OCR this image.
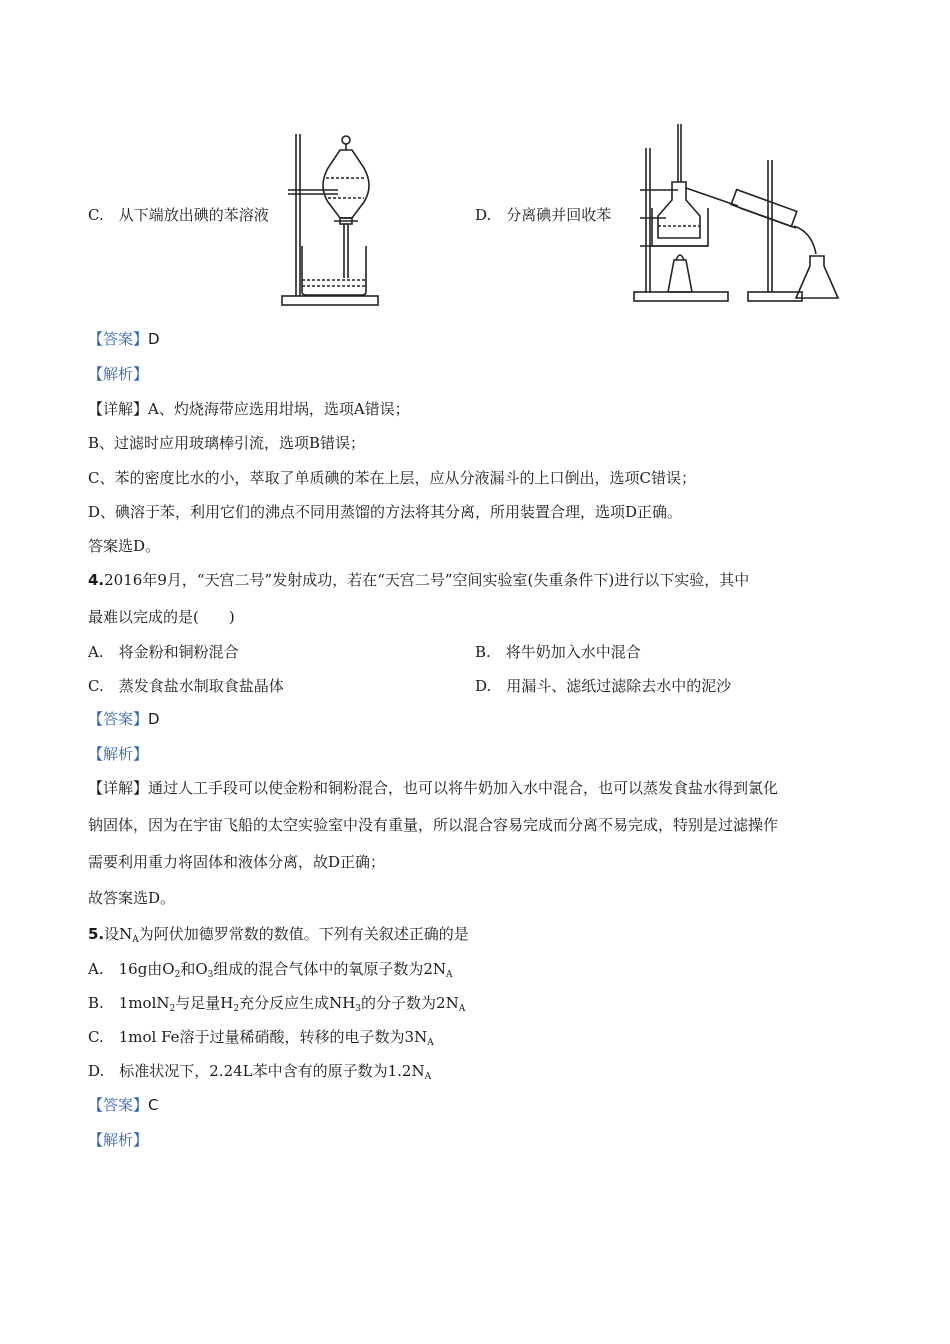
C.　从下端放出碘的苯溶液	D.　分离碘并回收苯
【答案】D
【解析】
【详解】A、灼烧海带应选用坩埚，选项A错误；
B、过滤时应用玻璃棒引流，选项B错误；
C、苯的密度比水的小，萃取了单质碘的苯在上层，应从分液漏斗的上口倒出，选项C错误；
D、碘溶于苯，利用它们的沸点不同用蒸馏的方法将其分离，所用装置合理，选项D正确。
答案选D。
4.2016年9月，“天宫二号”发射成功，若在“天宫二号”空间实验室(失重条件下)进行以下实验，其中
最难以完成的是(　　)
A.　将金粉和铜粉混合	B.　将牛奶加入水中混合
C.　蒸发食盐水制取食盐晶体	D.　用漏斗、滤纸过滤除去水中的泥沙
【答案】D
【解析】
【详解】通过人工手段可以使金粉和铜粉混合，也可以将牛奶加入水中混合，也可以蒸发食盐水得到氯化
钠固体，因为在宇宙飞船的太空实验室中没有重量，所以混合容易完成而分离不易完成，特别是过滤操作
需要利用重力将固体和液体分离，故D正确；
故答案选D。
5.设$N_A$为阿伏加德罗常数的数值。下列有关叙述正确的是
A.　16g由$O_2$和$O_3$组成的混合气体中的氧原子数为$2N_A$
B.　1molN$_2$与足量$H_2$充分反应生成$NH_3$的分子数为$2N_A$
C.　1mol Fe溶于过量稀硝酸，转移的电子数为$3N_A$
D.　标准状况下，2.24L苯中含有的原子数为$1.2N_A$
【答案】C
【解析】
